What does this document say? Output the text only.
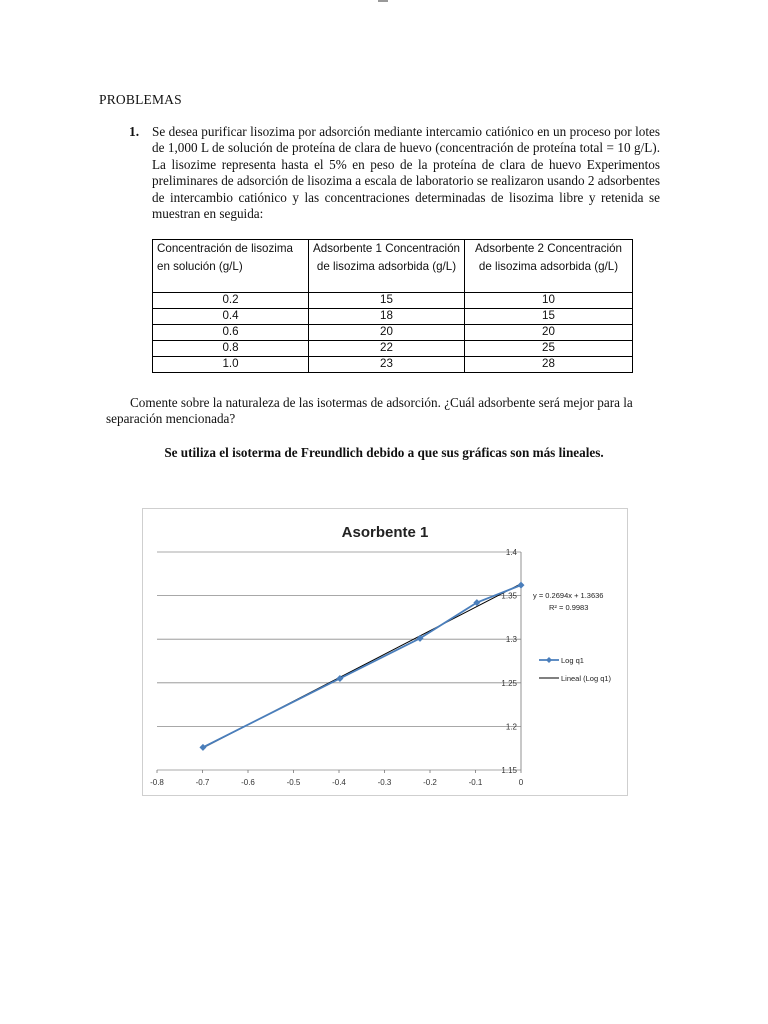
PROBLEMAS
1. Se desea purificar lisozima por adsorción mediante intercamio catiónico en un proceso por lotes de 1,000 L de solución de proteína de clara de huevo (concentración de proteína total = 10 g/L). La lisozime representa hasta el 5% en peso de la proteína de clara de huevo Experimentos preliminares de adsorción de lisozima a escala de laboratorio se realizaron usando 2 adsorbentes de intercambio catiónico y las concentraciones determinadas de lisozima libre y retenida se muestran en seguida:
Concentración de lisozima en solución (g/L)	Adsorbente 1 Concentración de lisozima adsorbida (g/L)	Adsorbente 2 Concentración de lisozima adsorbida (g/L)
0.2	15	10
0.4	18	15
0.6	20	20
0.8	22	25
1.0	23	28
Comente sobre la naturaleza de las isotermas de adsorción. ¿Cuál adsorbente será mejor para la separación mencionada?
Se utiliza el isoterma de Freundlich debido a que sus gráficas son más lineales.
Asorbente 1
1.15
1.2
1.25
1.3
1.35
1.4
-0.8	-0.7	-0.6	-0.5	-0.4	-0.3	-0.2	-0.1	0
y = 0.2694x + 1.3636
R² = 0.9983
Log q1
Lineal (Log q1)
